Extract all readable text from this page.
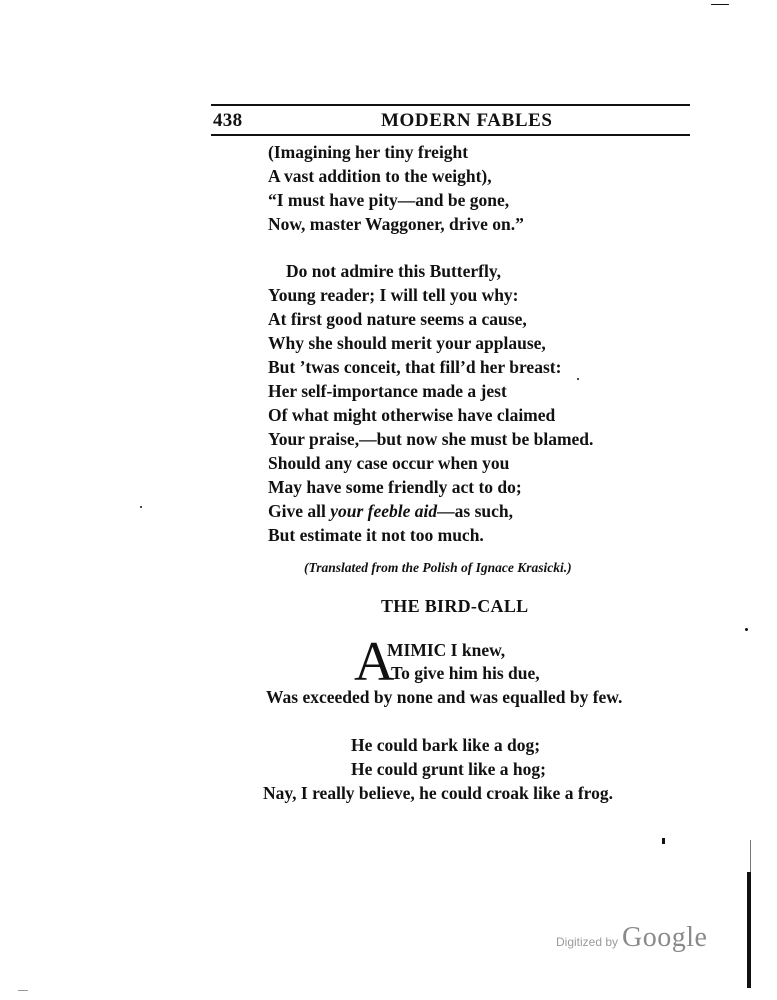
438	MODERN FABLES
(Imagining her tiny freight
A vast addition to the weight),
“I must have pity—and be gone,
Now, master Waggoner, drive on.”
Do not admire this Butterfly,
Young reader; I will tell you why:
At first good nature seems a cause,
Why she should merit your applause,
But ’twas conceit, that fill’d her breast:
Her self-importance made a jest
Of what might otherwise have claimed
Your praise,—but now she must be blamed.
Should any case occur when you
May have some friendly act to do;
Give all your feeble aid—as such,
But estimate it not too much.
(Translated from the Polish of Ignace Krasicki.)
THE BIRD-CALL
A
MIMIC I knew,
To give him his due,
Was exceeded by none and was equalled by few.
He could bark like a dog;
He could grunt like a hog;
Nay, I really believe, he could croak like a frog.
Digitized by Google
